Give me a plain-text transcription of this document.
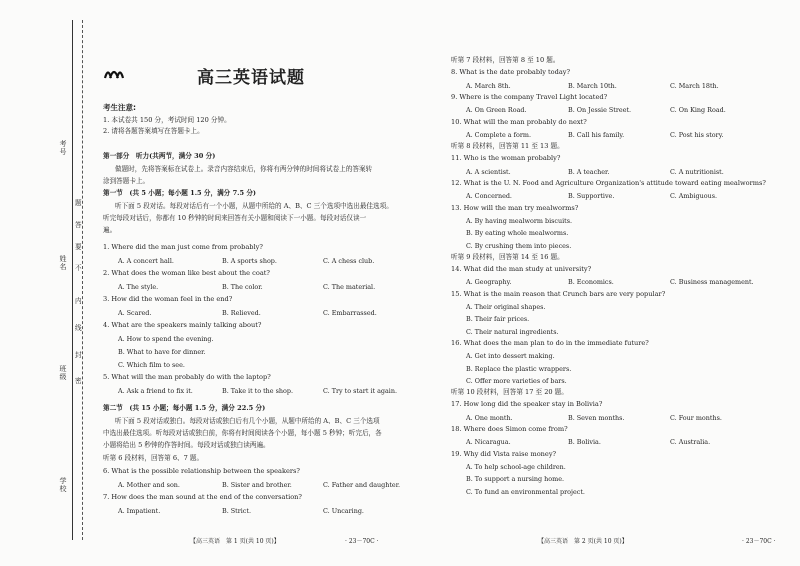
考号
姓名
班级
学校
高三英语试题
考生注意:
1. 本试卷共 150 分，考试时间 120 分钟。
2. 请将各题答案填写在答题卡上。
第一部分　听力(共两节，满分 30 分)
做题时，先将答案标在试卷上。录音内容结束后，你将有两分钟的时间将试卷上的答案转
涂到答题卡上。
第一节　(共 5 小题；每小题 1.5 分，满分 7.5 分)
听下面 5 段对话。每段对话后有一个小题，从题中所给的 A、B、C 三个选项中选出最佳选项。
听完每段对话后，你都有 10 秒钟的时间来回答有关小题和阅读下一小题。每段对话仅读一
遍。
第二节　(共 15 小题；每小题 1.5 分，满分 22.5 分)
听下面 5 段对话或独白。每段对话或独白后有几个小题，从题中所给的 A、B、C 三个选项
中选出最佳选项。听每段对话或独白前，你将有时间阅读各个小题，每小题 5 秒钟；听完后，各
小题将给出 5 秒钟的作答时间。每段对话或独白读两遍。
听第 6 段材料，回答第 6、7 题。
【高三英语　第 1 页(共 10 页)】	· 23－70C ·	【高三英语　第 2 页(共 10 页)】	· 23－70C ·
题
答
要
不
内
线
封
密
1. Where did the man just come from probably?
A. A concert hall.	B. A sports shop.	C. A chess club.
2. What does the woman like best about the coat?
A. The style.	B. The color.	C. The material.
3. How did the woman feel in the end?
A. Scared.	B. Relieved.	C. Embarrassed.
4. What are the speakers mainly talking about?
A. How to spend the evening.
B. What to have for dinner.
C. Which film to see.
5. What will the man probably do with the laptop?
A. Ask a friend to fix it.	B. Take it to the shop.	C. Try to start it again.
6. What is the possible relationship between the speakers?
A. Mother and son.	B. Sister and brother.	C. Father and daughter.
7. How does the man sound at the end of the conversation?
A. Impatient.	B. Strict.	C. Uncaring.
听第 7 段材料，回答第 8 至 10 题。
8. What is the date probably today?
A. March 8th.	B. March 10th.	C. March 18th.
9. Where is the company Travel Light located?
A. On Green Road.	B. On Jessie Street.	C. On King Road.
10. What will the man probably do next?
A. Complete a form.	B. Call his family.	C. Post his story.
听第 8 段材料，回答第 11 至 13 题。
11. Who is the woman probably?
A. A scientist.	B. A teacher.	C. A nutritionist.
12. What is the U. N. Food and Agriculture Organization's attitude toward eating mealworms?
A. Concerned.	B. Supportive.	C. Ambiguous.
13. How will the man try mealworms?
A. By having mealworm biscuits.
B. By eating whole mealworms.
C. By crushing them into pieces.
听第 9 段材料，回答第 14 至 16 题。
14. What did the man study at university?
A. Geography.	B. Economics.	C. Business management.
15. What is the main reason that Crunch bars are very popular?
A. Their original shapes.
B. Their fair prices.
C. Their natural ingredients.
16. What does the man plan to do in the immediate future?
A. Get into dessert making.
B. Replace the plastic wrappers.
C. Offer more varieties of bars.
听第 10 段材料，回答第 17 至 20 题。
17. How long did the speaker stay in Bolivia?
A. One month.	B. Seven months.	C. Four months.
18. Where does Simon come from?
A. Nicaragua.	B. Bolivia.	C. Australia.
19. Why did Vista raise money?
A. To help school-age children.
B. To support a nursing home.
C. To fund an environmental project.
